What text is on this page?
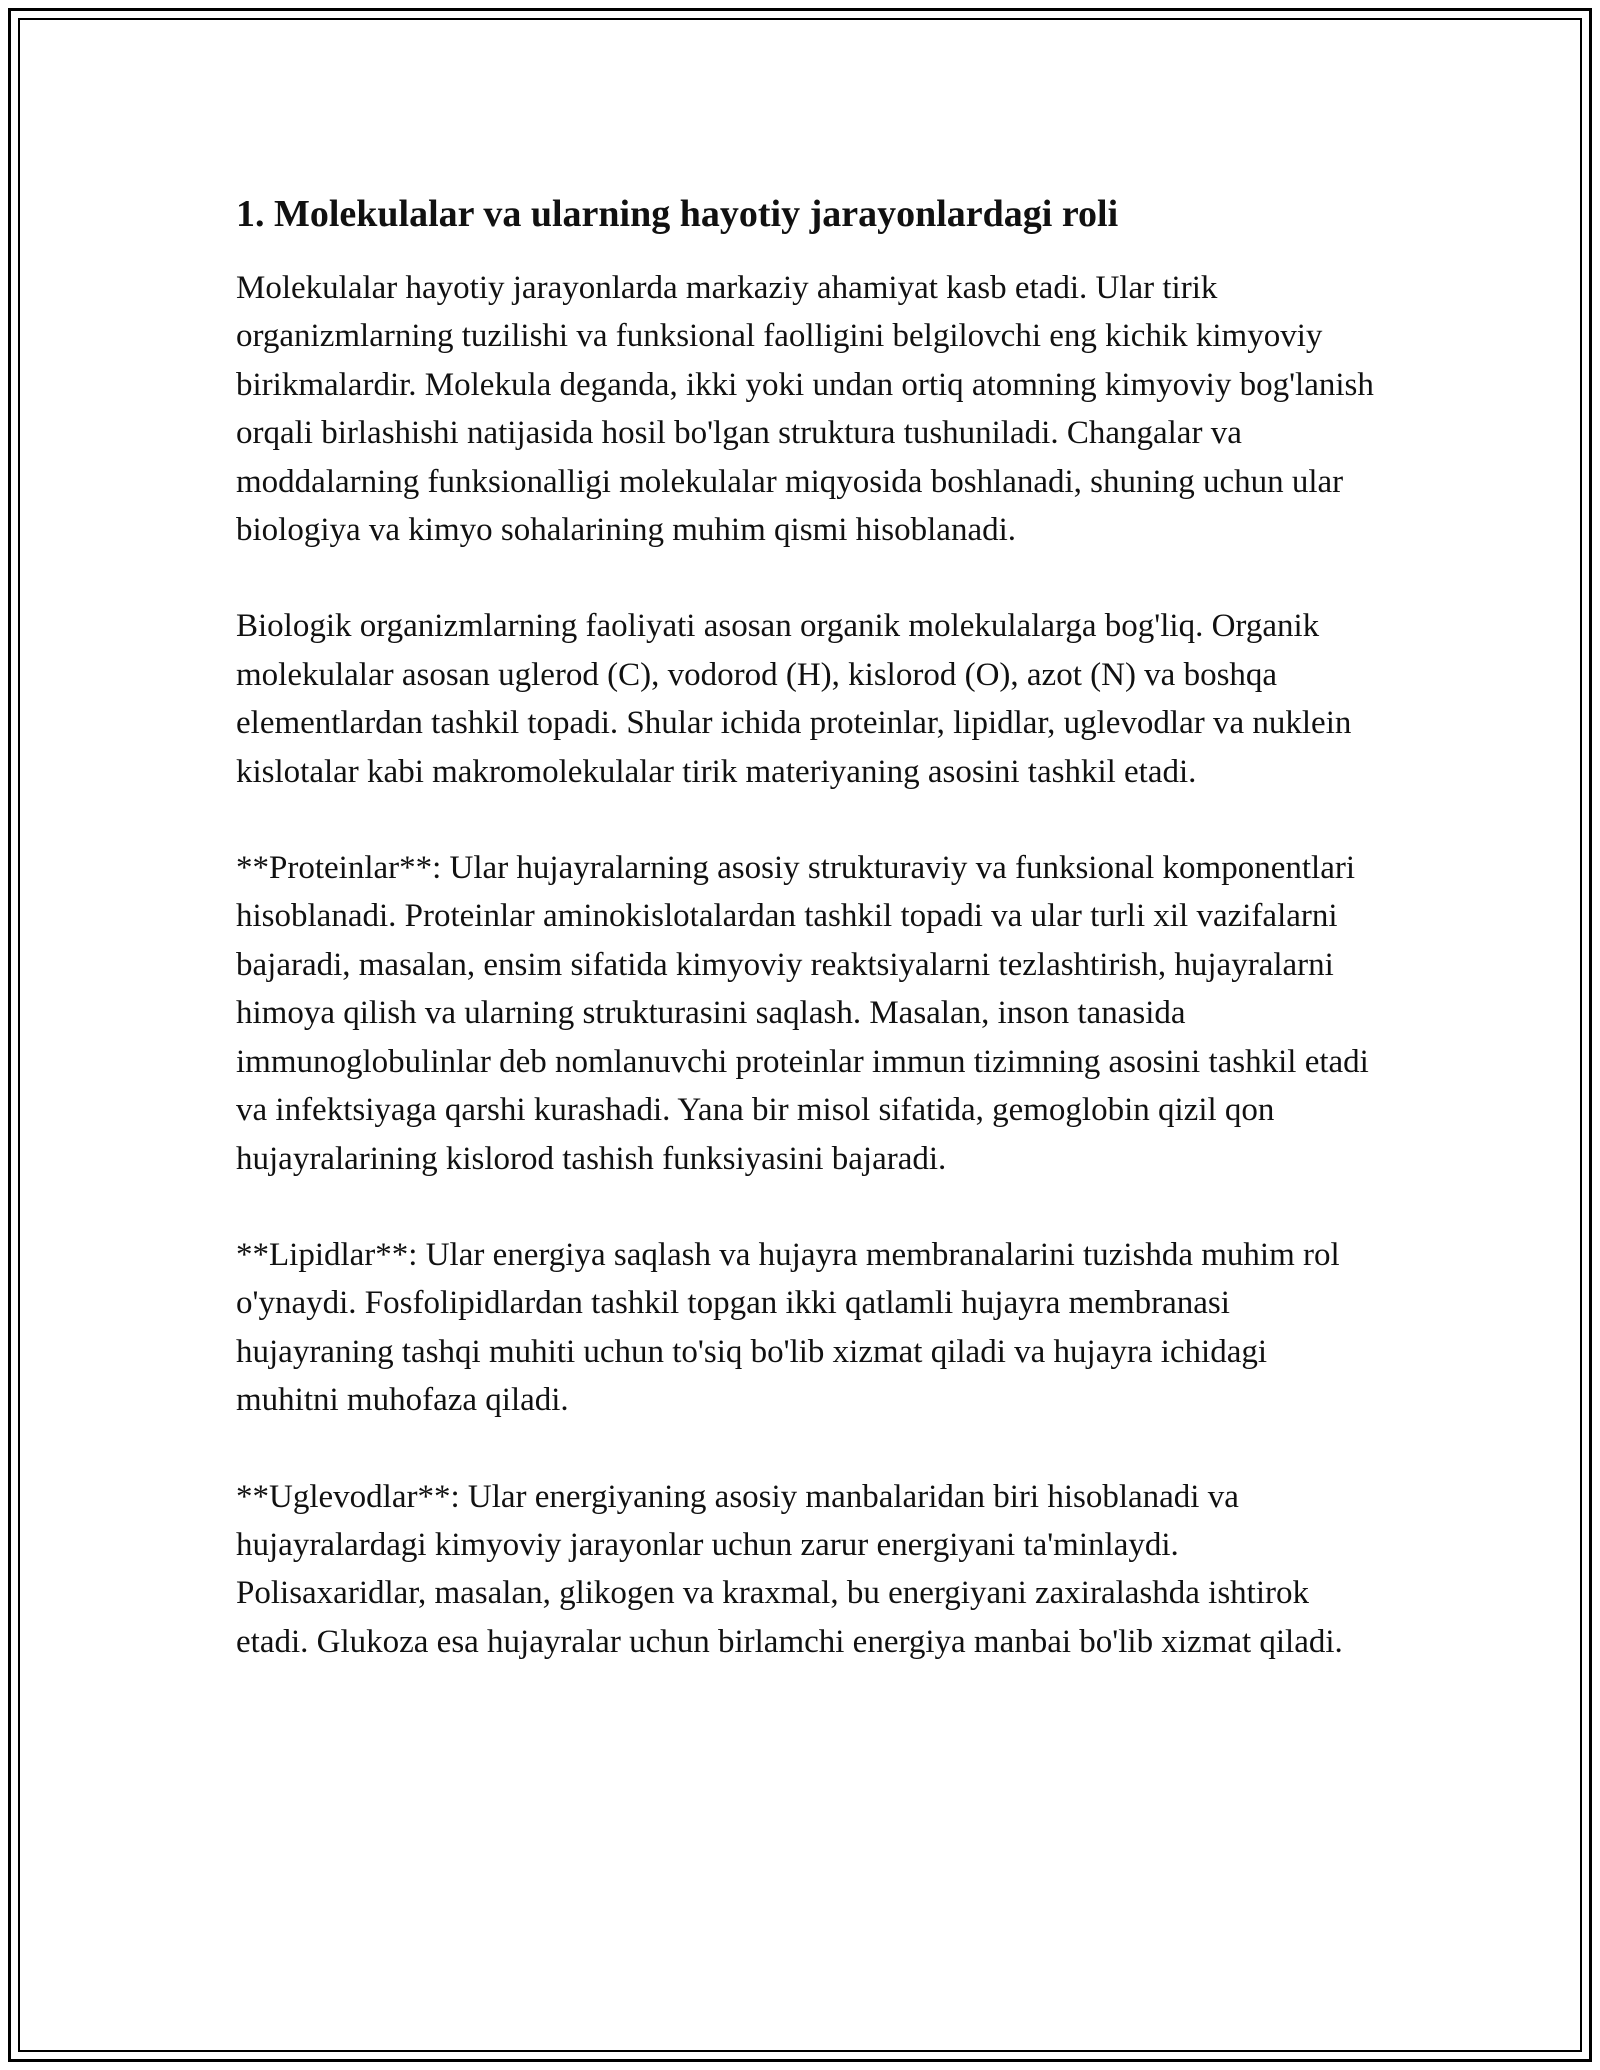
1. Molekulalar va ularning hayotiy jarayonlardagi roli

Molekulalar hayotiy jarayonlarda markaziy ahamiyat kasb etadi. Ular tirik organizmlarning tuzilishi va funksional faolligini belgilovchi eng kichik kimyoviy birikmalardir. Molekula deganda, ikki yoki undan ortiq atomning kimyoviy bog'lanish orqali birlashishi natijasida hosil bo'lgan struktura tushuniladi. Changalar va moddalarning funksionalligi molekulalar miqyosida boshlanadi, shuning uchun ular biologiya va kimyo sohalarining muhim qismi hisoblanadi.

Biologik organizmlarning faoliyati asosan organik molekulalarga bog'liq. Organik molekulalar asosan uglerod (C), vodorod (H), kislorod (O), azot (N) va boshqa elementlardan tashkil topadi. Shular ichida proteinlar, lipidlar, uglevodlar va nuklein kislotalar kabi makromolekulalar tirik materiyaning asosini tashkil etadi.

**Proteinlar**: Ular hujayralarning asosiy strukturaviy va funksional komponentlari hisoblanadi. Proteinlar aminokislotalardan tashkil topadi va ular turli xil vazifalarni bajaradi, masalan, ensim sifatida kimyoviy reaktsiyalarni tezlashtirish, hujayralarni himoya qilish va ularning strukturasini saqlash. Masalan, inson tanasida immunoglobulinlar deb nomlanuvchi proteinlar immun tizimning asosini tashkil etadi va infektsiyaga qarshi kurashadi. Yana bir misol sifatida, gemoglobin qizil qon hujayralarining kislorod tashish funksiyasini bajaradi.

**Lipidlar**: Ular energiya saqlash va hujayra membranalarini tuzishda muhim rol o'ynaydi. Fosfolipidlardan tashkil topgan ikki qatlamli hujayra membranasi hujayraning tashqi muhiti uchun to'siq bo'lib xizmat qiladi va hujayra ichidagi muhitni muhofaza qiladi.

**Uglevodlar**: Ular energiyaning asosiy manbalaridan biri hisoblanadi va hujayralardagi kimyoviy jarayonlar uchun zarur energiyani ta'minlaydi. Polisaxaridlar, masalan, glikogen va kraxmal, bu energiyani zaxiralashda ishtirok etadi. Glukoza esa hujayralar uchun birlamchi energiya manbai bo'lib xizmat qiladi.
